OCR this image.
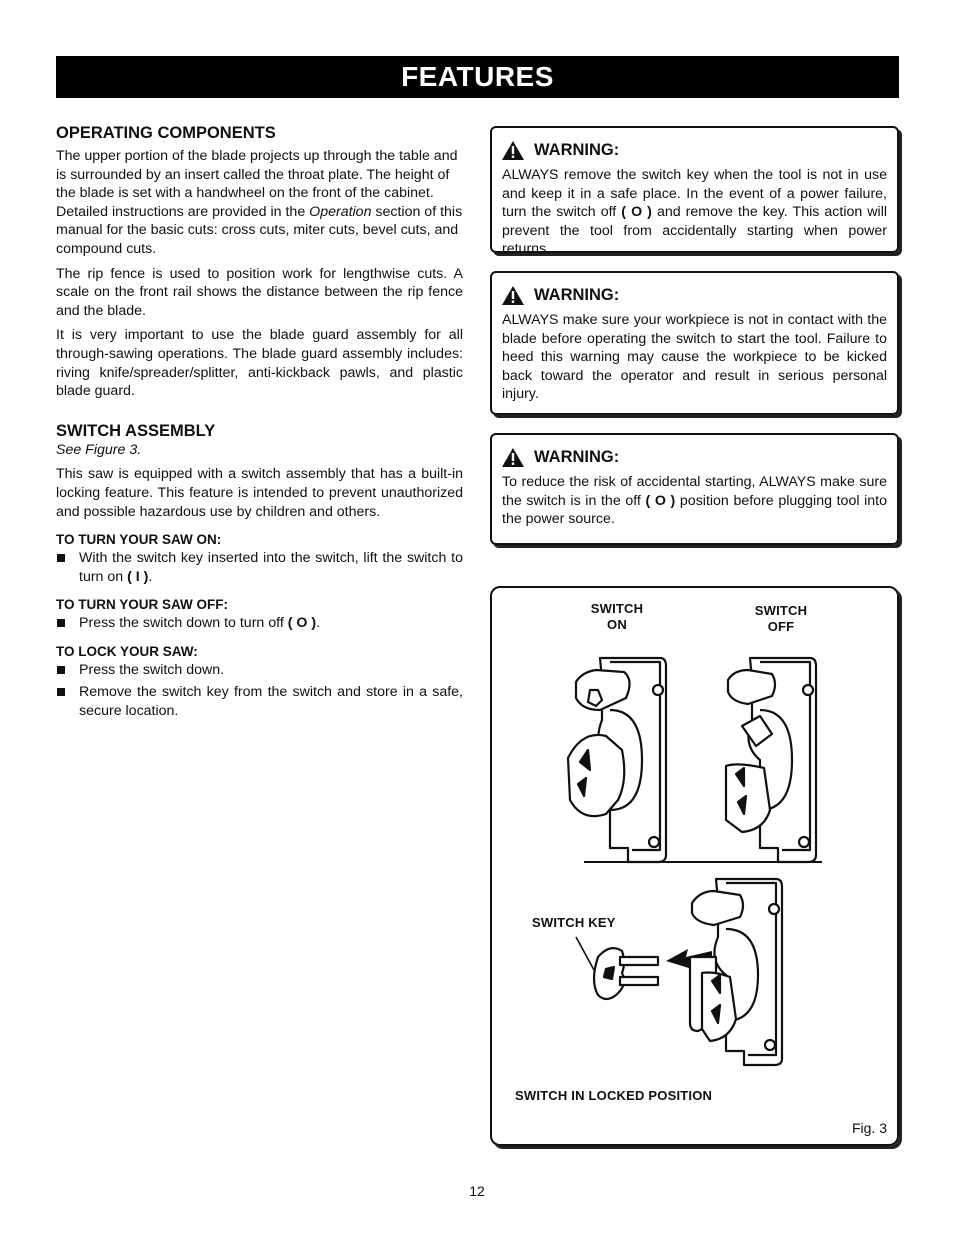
FEATURES
OPERATING COMPONENTS

The upper portion of the blade projects up through the table and is surrounded by an insert called the throat plate. The height of the blade is set with a handwheel on the front of the cabinet. Detailed instructions are provided in the Operation section of this manual for the basic cuts: cross cuts, miter cuts, bevel cuts, and compound cuts.

The rip fence is used to position work for lengthwise cuts. A scale on the front rail shows the distance between the rip fence and the blade.

It is very important to use the blade guard assembly for all through-sawing operations. The blade guard assembly includes: riving knife/spreader/splitter, anti-kickback pawls, and plastic blade guard.

SWITCH ASSEMBLY
See Figure 3.

This saw is equipped with a switch assembly that has a built-in locking feature. This feature is intended to prevent unauthorized and possible hazardous use by children and others.

TO TURN YOUR SAW ON:
With the switch key inserted into the switch, lift the switch to turn on ( I ).
TO TURN YOUR SAW OFF:
Press the switch down to turn off ( O ).
TO LOCK YOUR SAW:
Press the switch down.
Remove the switch key from the switch and store in a safe, secure location.
WARNING:

ALWAYS remove the switch key when the tool is not in use and keep it in a safe place. In the event of a power failure, turn the switch off ( O ) and remove the key. This action will prevent the tool from accidentally starting when power returns.

WARNING:

ALWAYS make sure your workpiece is not in contact with the blade before operating the switch to start the tool. Failure to heed this warning may cause the workpiece to be kicked back toward the operator and result in serious personal injury.

WARNING:

To reduce the risk of accidental starting, ALWAYS make sure the switch is in the off ( O ) position before plugging tool into the power source.

SWITCH
ON
SWITCH
OFF
SWITCH KEY
SWITCH IN LOCKED POSITION
Fig. 3
12
